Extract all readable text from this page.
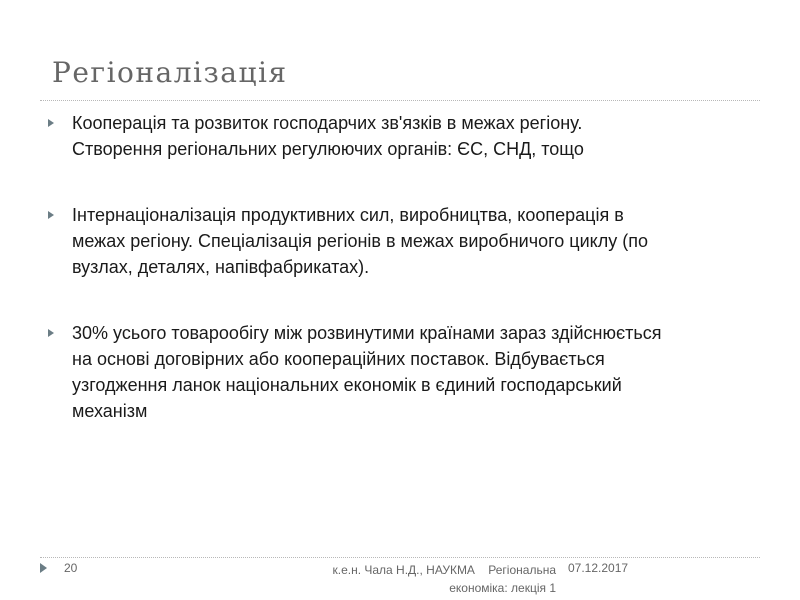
Регіоналізація

Кооперація та розвиток господарчих зв'язків в межах регіону.
Створення регіональних регулюючих органів: ЄС, СНД, тощо

Інтернаціоналізація продуктивних сил, виробництва, кооперація в
межах регіону. Спеціалізація регіонів в межах виробничого циклу (по
вузлах, деталях, напівфабрикатах).

30% усього товарообігу між розвинутими країнами зараз здійснюється
на основі договірних або коопераційних поставок. Відбувається
узгодження ланок національних економік в єдиний господарський
механізм

20	к.е.н. Чала Н.Д., НАУКМА    Регіональна
економіка: лекція 1
07.12.2017
